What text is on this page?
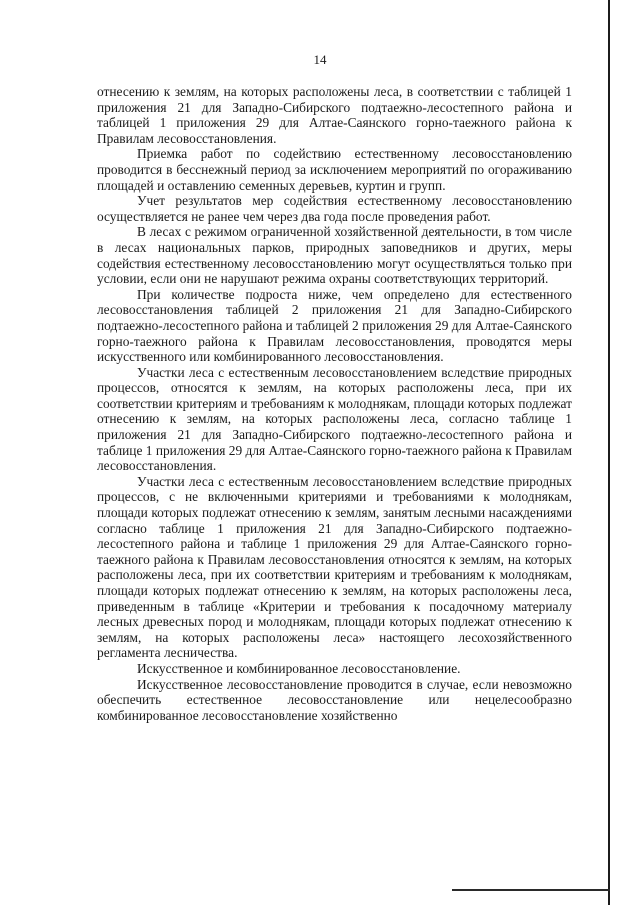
14

отнесению к землям, на которых расположены леса, в соответствии с таблицей 1 приложения 21 для Западно-Сибирского подтаежно-лесостепного района и таблицей 1 приложения 29 для Алтае-Саянского горно-таежного района к Правилам лесовосстановления.

Приемка работ по содействию естественному лесовосстановлению проводится в бесснежный период за исключением мероприятий по огораживанию площадей и оставлению семенных деревьев, куртин и групп.

Учет результатов мер содействия естественному лесовосстановлению осуществляется не ранее чем через два года после проведения работ.

В лесах с режимом ограниченной хозяйственной деятельности, в том числе в лесах национальных парков, природных заповедников и других, меры содействия естественному лесовосстановлению могут осуществляться только при условии, если они не нарушают режима охраны соответствующих территорий.

При количестве подроста ниже, чем определено для естественного лесовосстановления таблицей 2 приложения 21 для Западно-Сибирского подтаежно-лесостепного района и таблицей 2 приложения 29 для Алтае-Саянского горно-таежного района к Правилам лесовосстановления, проводятся меры искусственного или комбинированного лесовосстановления.

Участки леса с естественным лесовосстановлением вследствие природных процессов, относятся к землям, на которых расположены леса, при их соответствии критериям и требованиям к молоднякам, площади которых подлежат отнесению к землям, на которых расположены леса, согласно таблице 1 приложения 21 для Западно-Сибирского подтаежно-лесостепного района и таблице 1 приложения 29 для Алтае-Саянского горно-таежного района к Правилам лесовосстановления.

Участки леса с естественным лесовосстановлением вследствие природных процессов, с не включенными критериями и требованиями к молоднякам, площади которых подлежат отнесению к землям, занятым лесными насаждениями согласно таблице 1 приложения 21 для Западно-Сибирского подтаежно-лесостепного района и таблице 1 приложения 29 для Алтае-Саянского горно-таежного района к Правилам лесовосстановления относятся к землям, на которых расположены леса, при их соответствии критериям и требованиям к молоднякам, площади которых подлежат отнесению к землям, на которых расположены леса, приведенным в таблице «Критерии и требования к посадочному материалу лесных древесных пород и молоднякам, площади которых подлежат отнесению к землям, на которых расположены леса» настоящего лесохозяйственного регламента лесничества.

Искусственное и комбинированное лесовосстановление.

Искусственное лесовосстановление проводится в случае, если невозможно обеспечить естественное лесовосстановление или нецелесообразно комбинированное лесовосстановление хозяйственно
